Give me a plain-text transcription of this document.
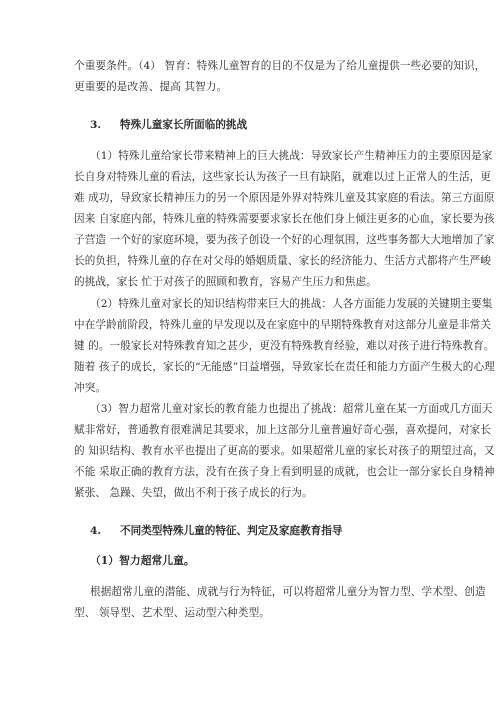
个重要条件。（4） 智育：特殊儿童智育的目的不仅是为了给儿童提供一些必要的知识，
更重要的是改善、提高 其智力。
3. 特殊儿童家长所面临的挑战
（1）特殊儿童给家长带来精神上的巨大挑战：导致家长产生精神压力的主要原因是家
长自身对特殊儿童的看法，这些家长认为孩子一旦有缺陷，就难以过上正常人的生活，更
难 成功，导致家长精神压力的另一个原因是外界对特殊儿童及其家庭的看法。第三方面原
因来 自家庭内部，特殊儿童的特殊需要要求家长在他们身上倾注更多的心血，家长要为孩
子营造 一个好的家庭环境，要为孩子创设一个好的心理氛围，这些事务都大大地增加了家
长的负担，特殊儿童的存在对父母的婚姻质量、家长的经济能力、生活方式都将产生严峻
的挑战，家长 忙于对孩子的照顾和教育，容易产生压力和焦虑。
（2）特殊儿童对家长的知识结构带来巨大的挑战：人各方面能力发展的关键期主要集
中在学龄前阶段，特殊儿童的早发现以及在家庭中的早期特殊教育对这部分儿童是非常关
键 的。一般家长对特殊教育知之甚少，更没有特殊教育经验，难以对孩子进行特殊教育。
随着 孩子的成长，家长的“无能感”日益增强，导致家长在责任和能力方面产生极大的心理
冲突。
（3）智力超常儿童对家长的教育能力也提出了挑战：超常儿童在某一方面或几方面天
赋非常好，普通教育很难满足其要求，加上这部分儿童普遍好奇心强，喜欢提问，对家长
的 知识结构、教育水平也提出了更高的要求。如果超常儿童的家长对孩子的期望过高，又
不能 采取正确的教育方法，没有在孩子身上看到明显的成就，也会让一部分家长自身精神
紧张、 急躁、失望，做出不利于孩子成长的行为。
4. 不同类型特殊儿童的特征、判定及家庭教育指导
（1）智力超常儿童。
根据超常儿童的潜能、成就与行为特征，可以将超常儿童分为智力型、学术型、创造
型、 领导型、艺术型、运动型六种类型。
